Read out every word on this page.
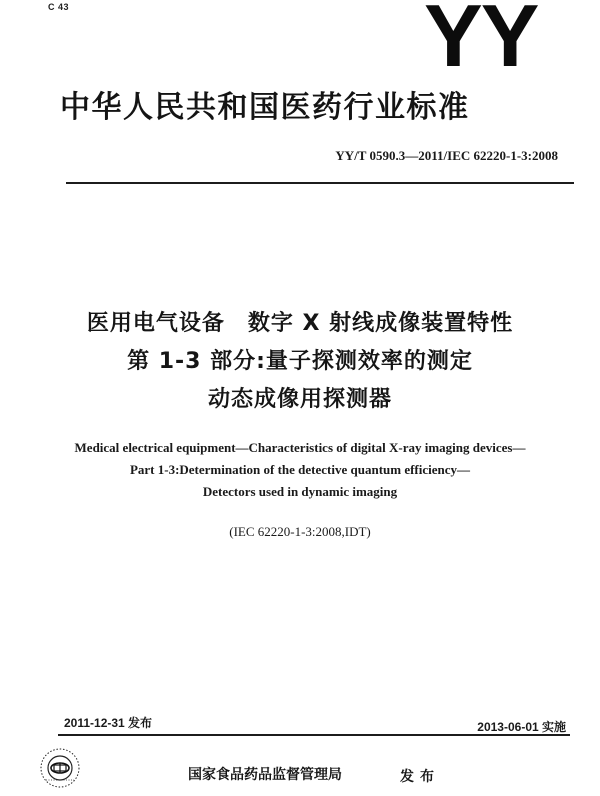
C 43	YY
中华人民共和国医药行业标准
YY/T 0590.3—2011/IEC 62220-1-3:2008
医用电气设备　数字 X 射线成像装置特性
第 1-3 部分:量子探测效率的测定
动态成像用探测器
Medical electrical equipment—Characteristics of digital X-ray imaging devices—
Part 1-3:Determination of the detective quantum efficiency—
Detectors used in dynamic imaging
(IEC 62220-1-3:2008,IDT)
2011-12-31 发布	2013-06-01 实施
国家食品药品监督管理局	发布
